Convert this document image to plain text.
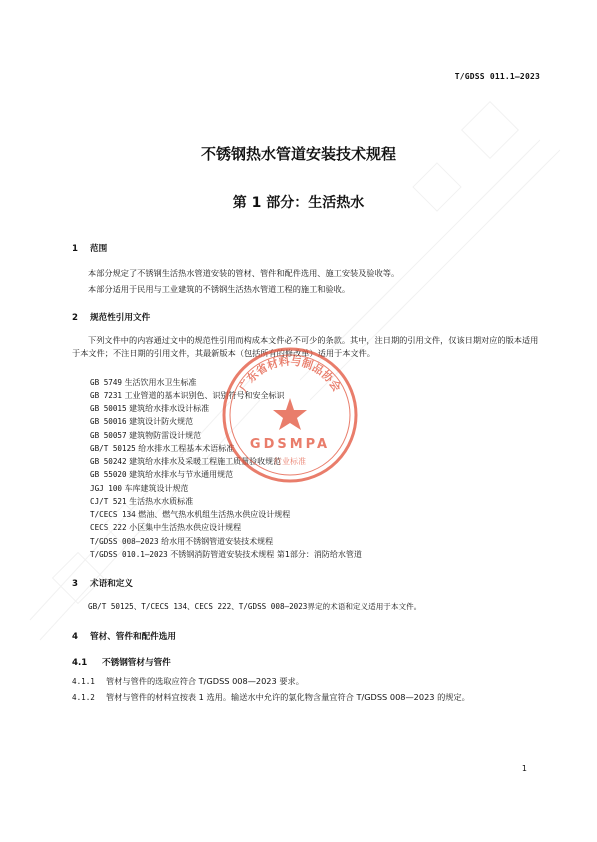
T/GDSS 011.1—2023
不锈钢热水管道安装技术规程
第 1 部分：生活热水
1 范围
本部分规定了不锈钢生活热水管道安装的管材、管件和配件选用、施工安装及验收等。
本部分适用于民用与工业建筑的不锈钢生活热水管道工程的施工和验收。
2 规范性引用文件
下列文件中的内容通过文中的规范性引用而构成本文件必不可少的条款。其中，注日期的引用文件，仅该日期对应的版本适用于本文件；不注日期的引用文件，其最新版本（包括所有的修改单）适用于本文件。
GB 5749 生活饮用水卫生标准
GB 7231 工业管道的基本识别色、识别符号和安全标识
GB 50015 建筑给水排水设计标准
GB 50016 建筑设计防火规范
GB 50057 建筑物防雷设计规范
GB/T 50125 给水排水工程基本术语标准
GB 50242 建筑给水排水及采暖工程施工质量验收规范
GB 55020 建筑给水排水与节水通用规范
JGJ 100 车库建筑设计规范
CJ/T 521 生活热水水质标准
T/CECS 134 燃油、燃气热水机组生活热水供应设计规程
CECS 222 小区集中生活热水供应设计规程
T/GDSS 008—2023 给水用不锈钢管道安装技术规程
T/GDSS 010.1—2023 不锈钢消防管道安装技术规程 第1部分：消防给水管道
3 术语和定义
GB/T 50125、T/CECS 134、CECS 222、T/GDSS 008—2023界定的术语和定义适用于本文件。
4 管材、管件和配件选用
4.1 不锈钢管材与管件
4.1.1 管材与管件的选取应符合 T/GDSS 008—2023 要求。
4.1.2 管材与管件的材料宜按表 1 选用。输送水中允许的氯化物含量宜符合 T/GDSS 008—2023 的规定。
1
广东省材料与制品协会
GDSMPA
行业标准
